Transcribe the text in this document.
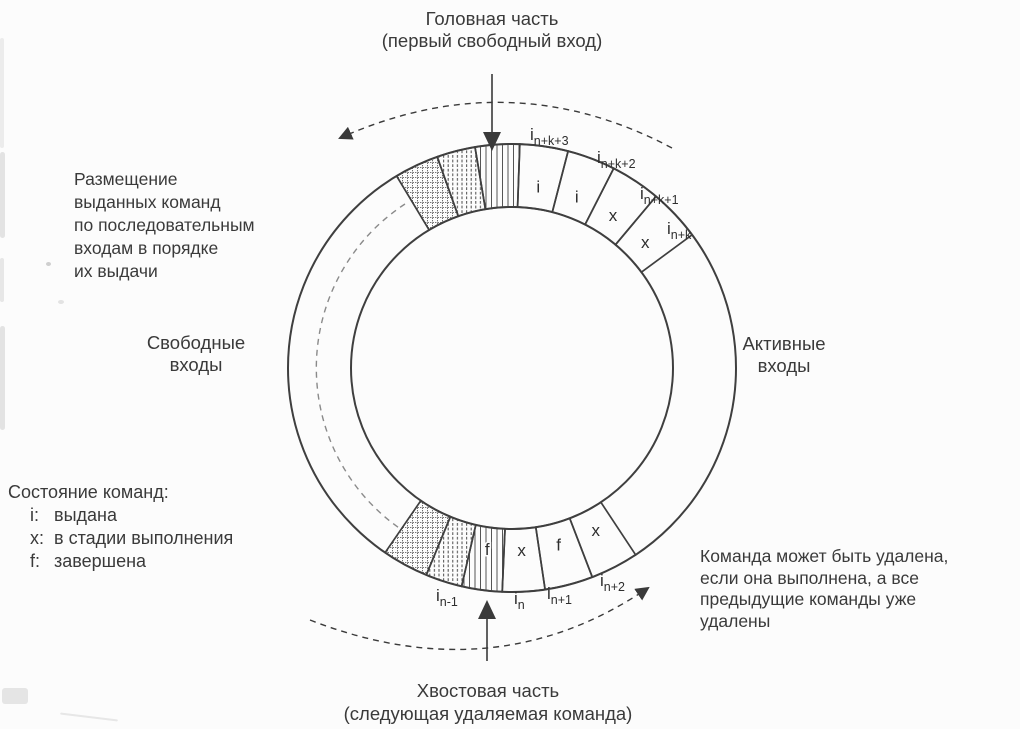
i
i
x
x
x
f
x
f
$i_{n+k+3}$
$i_{n+k+2}$
$i_{n+k+1}$
$i_{n+k}$
$i_{n-1}$	$i_n$
$i_{n+1}$
$i_{n+2}$
Головная часть
(первый свободный вход)
Размещение
выданных команд
по последовательным
входам в порядке
их выдачи
Свободные
входы
Активные
входы
Состояние команд:
i: выдана
x: в стадии выполнения
f: завершена	Команда может быть удалена,
если она выполнена, а все
предыдущие команды уже
удалены
Хвостовая часть
(следующая удаляемая команда)
